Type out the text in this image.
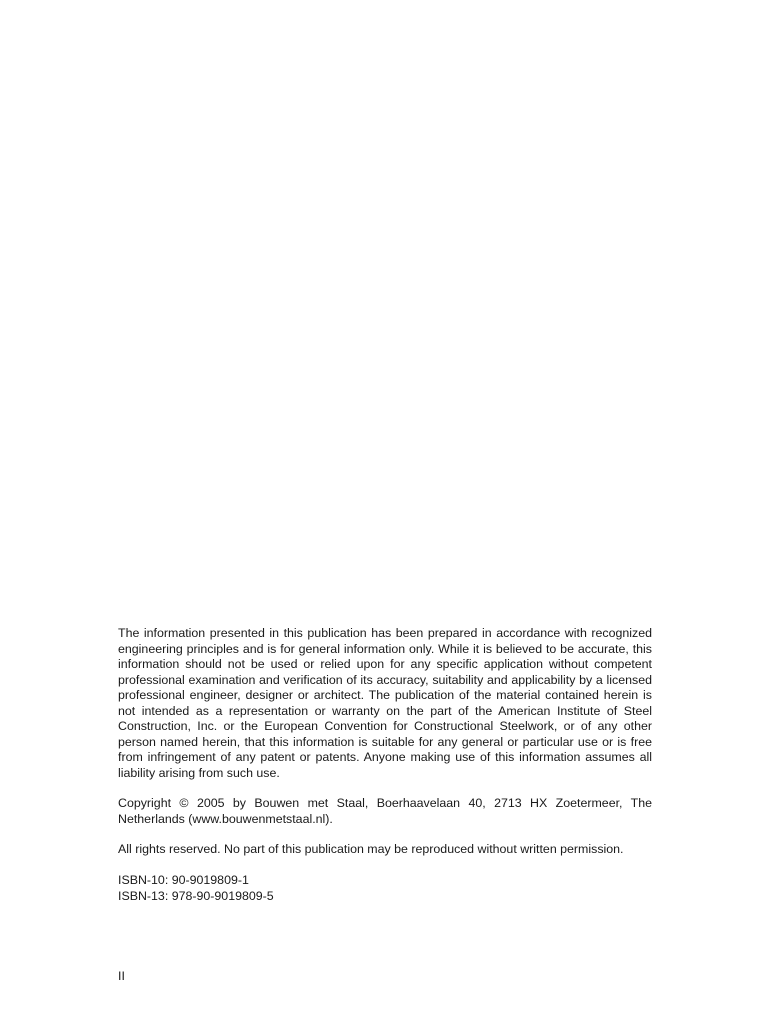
The information presented in this publication has been prepared in accordance with recognized engineering principles and is for general information only. While it is believed to be accurate, this information should not be used or relied upon for any specific application without competent professional examination and verification of its accuracy, suitability and applicability by a licensed professional engineer, designer or architect. The publication of the material contained herein is not intended as a representation or warranty on the part of the American Institute of Steel Construction, Inc. or the European Convention for Constructional Steelwork, or of any other person named herein, that this information is suitable for any general or particular use or is free from infringement of any patent or patents. Anyone making use of this information assumes all liability arising from such use.

Copyright © 2005 by Bouwen met Staal, Boerhaavelaan 40, 2713 HX Zoetermeer, The Netherlands (www.bouwenmetstaal.nl).

All rights reserved. No part of this publication may be reproduced without written permission.

ISBN-10: 90-9019809-1
ISBN-13: 978-90-9019809-5
II
